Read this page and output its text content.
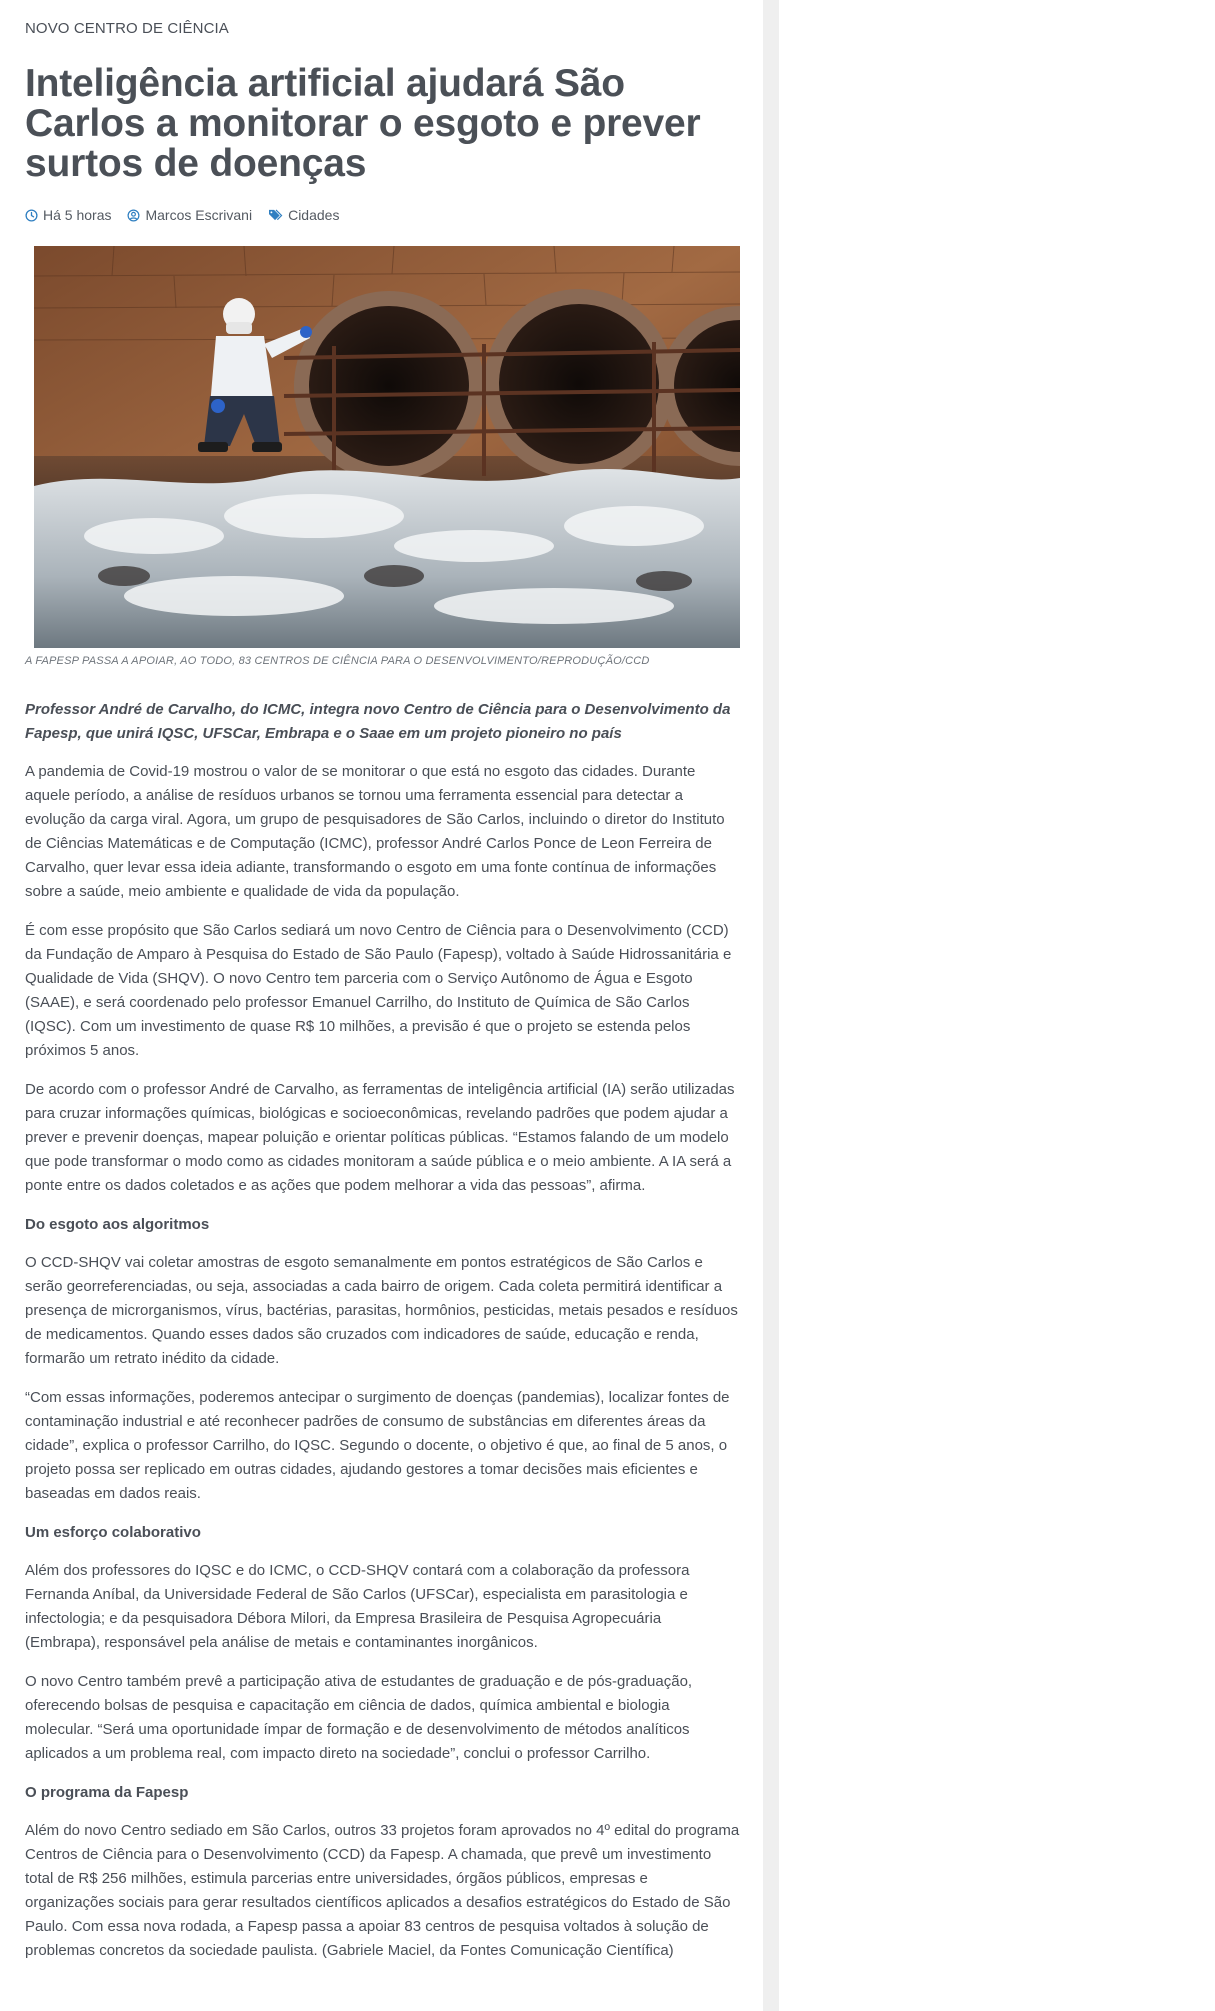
NOVO CENTRO DE CIÊNCIA
Inteligência artificial ajudará São Carlos a monitorar o esgoto e prever surtos de doenças
Há 5 horas Marcos Escrivani	Cidades
A FAPESP PASSA A APOIAR, AO TODO, 83 CENTROS DE CIÊNCIA PARA O DESENVOLVIMENTO/REPRODUÇÃO/CCD
Professor André de Carvalho, do ICMC, integra novo Centro de Ciência para o Desenvolvimento da Fapesp, que unirá IQSC, UFSCar, Embrapa e o Saae em um projeto pioneiro no país

A pandemia de Covid-19 mostrou o valor de se monitorar o que está no esgoto das cidades. Durante aquele período, a análise de resíduos urbanos se tornou uma ferramenta essencial para detectar a evolução da carga viral. Agora, um grupo de pesquisadores de São Carlos, incluindo o diretor do Instituto de Ciências Matemáticas e de Computação (ICMC), professor André Carlos Ponce de Leon Ferreira de Carvalho, quer levar essa ideia adiante, transformando o esgoto em uma fonte contínua de informações sobre a saúde, meio ambiente e qualidade de vida da população.

É com esse propósito que São Carlos sediará um novo Centro de Ciência para o Desenvolvimento (CCD) da Fundação de Amparo à Pesquisa do Estado de São Paulo (Fapesp), voltado à Saúde Hidrossanitária e Qualidade de Vida (SHQV). O novo Centro tem parceria com o Serviço Autônomo de Água e Esgoto (SAAE), e será coordenado pelo professor Emanuel Carrilho, do Instituto de Química de São Carlos (IQSC). Com um investimento de quase R$ 10 milhões, a previsão é que o projeto se estenda pelos próximos 5 anos.

De acordo com o professor André de Carvalho, as ferramentas de inteligência artificial (IA) serão utilizadas para cruzar informações químicas, biológicas e socioeconômicas, revelando padrões que podem ajudar a prever e prevenir doenças, mapear poluição e orientar políticas públicas. “Estamos falando de um modelo que pode transformar o modo como as cidades monitoram a saúde pública e o meio ambiente. A IA será a ponte entre os dados coletados e as ações que podem melhorar a vida das pessoas”, afirma.

Do esgoto aos algoritmos

O CCD-SHQV vai coletar amostras de esgoto semanalmente em pontos estratégicos de São Carlos e serão georreferenciadas, ou seja, associadas a cada bairro de origem. Cada coleta permitirá identificar a presença de microrganismos, vírus, bactérias, parasitas, hormônios, pesticidas, metais pesados e resíduos de medicamentos. Quando esses dados são cruzados com indicadores de saúde, educação e renda, formarão um retrato inédito da cidade.

“Com essas informações, poderemos antecipar o surgimento de doenças (pandemias), localizar fontes de contaminação industrial e até reconhecer padrões de consumo de substâncias em diferentes áreas da cidade”, explica o professor Carrilho, do IQSC. Segundo o docente, o objetivo é que, ao final de 5 anos, o projeto possa ser replicado em outras cidades, ajudando gestores a tomar decisões mais eficientes e baseadas em dados reais.

Um esforço colaborativo

Além dos professores do IQSC e do ICMC, o CCD-SHQV contará com a colaboração da professora Fernanda Aníbal, da Universidade Federal de São Carlos (UFSCar), especialista em parasitologia e infectologia; e da pesquisadora Débora Milori, da Empresa Brasileira de Pesquisa Agropecuária (Embrapa), responsável pela análise de metais e contaminantes inorgânicos.

O novo Centro também prevê a participação ativa de estudantes de graduação e de pós-graduação, oferecendo bolsas de pesquisa e capacitação em ciência de dados, química ambiental e biologia molecular. “Será uma oportunidade ímpar de formação e de desenvolvimento de métodos analíticos aplicados a um problema real, com impacto direto na sociedade”, conclui o professor Carrilho.

O programa da Fapesp

Além do novo Centro sediado em São Carlos, outros 33 projetos foram aprovados no 4º edital do programa Centros de Ciência para o Desenvolvimento (CCD) da Fapesp. A chamada, que prevê um investimento total de R$ 256 milhões, estimula parcerias entre universidades, órgãos públicos, empresas e organizações sociais para gerar resultados científicos aplicados a desafios estratégicos do Estado de São Paulo. Com essa nova rodada, a Fapesp passa a apoiar 83 centros de pesquisa voltados à solução de problemas concretos da sociedade paulista. (Gabriele Maciel, da Fontes Comunicação Científica)
